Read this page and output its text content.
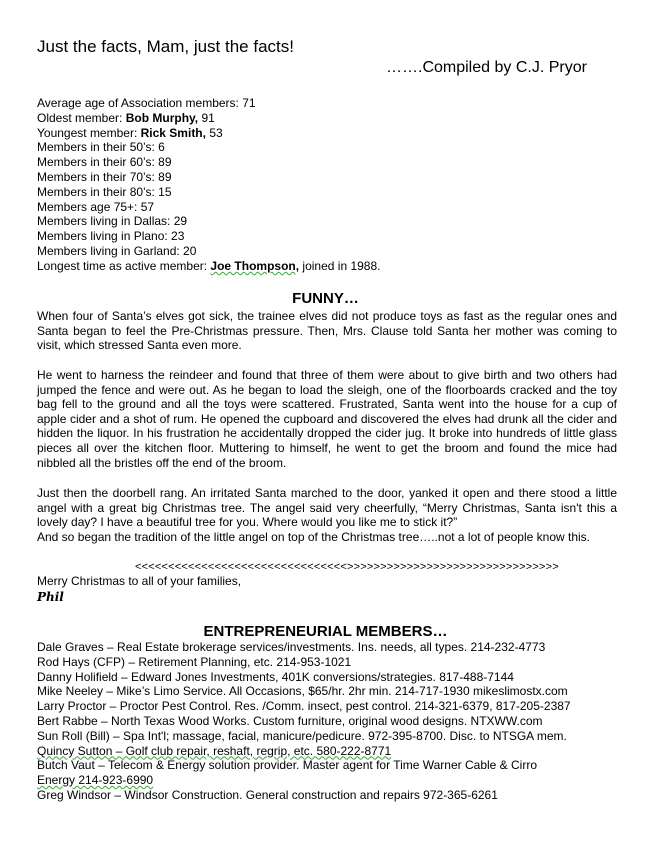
Just the facts, Mam, just the facts!
…….Compiled by C.J. Pryor
Average age of Association members: 71
Oldest member: Bob Murphy, 91
Youngest member: Rick Smith, 53
Members in their 50’s: 6
Members in their 60’s: 89
Members in their 70’s: 89
Members in their 80’s: 15
Members age 75+: 57
Members living in Dallas: 29
Members living in Plano: 23
Members living in Garland: 20
Longest time as active member: Joe Thompson, joined in 1988.
FUNNY…
When four of Santa’s elves got sick, the trainee elves did not produce toys as fast as the regular ones and Santa began to feel the Pre-Christmas pressure. Then, Mrs. Clause told Santa her mother was coming to visit, which stressed Santa even more.
He went to harness the reindeer and found that three of them were about to give birth and two others had jumped the fence and were out. As he began to load the sleigh, one of the floorboards cracked and the toy bag fell to the ground and all the toys were scattered. Frustrated, Santa went into the house for a cup of apple cider and a shot of rum. He opened the cupboard and discovered the elves had drunk all the cider and hidden the liquor. In his frustration he accidentally dropped the cider jug. It broke into hundreds of little glass pieces all over the kitchen floor. Muttering to himself, he went to get the broom and found the mice had nibbled all the bristles off the end of the broom.
Just then the doorbell rang. An irritated Santa marched to the door, yanked it open and there stood a little angel with a great big Christmas tree. The angel said very cheerfully, “Merry Christmas, Santa isn't this a lovely day? I have a beautiful tree for you. Where would you like me to stick it?”
And so began the tradition of the little angel on top of the Christmas tree…..not a lot of people know this.
<<<<<<<<<<<<<<<<<<<<<<<<<<<<<<<<>>>>>>>>>>>>>>>>>>>>>>>>>>>>>>>>
Merry Christmas to all of your families,
Phil
ENTREPRENEURIAL MEMBERS…
Dale Graves – Real Estate brokerage services/investments. Ins. needs, all types. 214-232-4773
Rod Hays (CFP) – Retirement Planning, etc. 214-953-1021
Danny Holifield – Edward Jones Investments, 401K conversions/strategies. 817-488-7144
Mike Neeley – Mike’s Limo Service. All Occasions, $65/hr. 2hr min. 214-717-1930 mikeslimostx.com
Larry Proctor – Proctor Pest Control. Res. /Comm. insect, pest control. 214-321-6379, 817-205-2387
Bert Rabbe – North Texas Wood Works. Custom furniture, original wood designs. NTXWW.com
Sun Roll (Bill) – Spa Int'l; massage, facial, manicure/pedicure. 972-395-8700. Disc. to NTSGA mem.
Quincy Sutton – Golf club repair, reshaft, regrip, etc. 580-222-8771
Butch Vaut – Telecom & Energy solution provider. Master agent for Time Warner Cable & Cirro
Energy 214-923-6990
Greg Windsor – Windsor Construction. General construction and repairs 972-365-6261
